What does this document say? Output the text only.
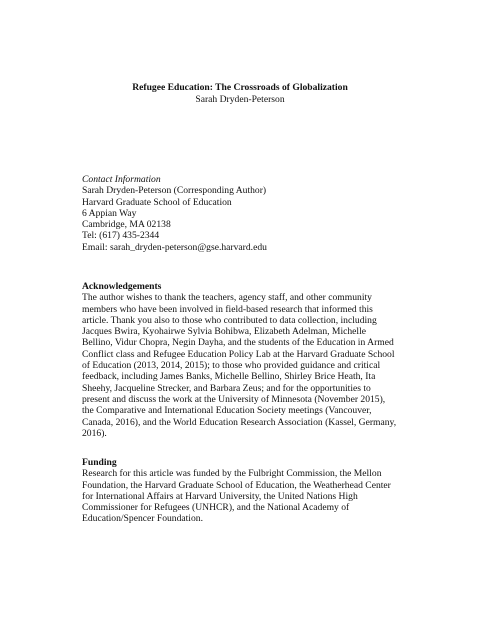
Refugee Education: The Crossroads of Globalization
Sarah Dryden-Peterson
Contact Information
Sarah Dryden-Peterson (Corresponding Author)
Harvard Graduate School of Education
6 Appian Way
Cambridge, MA 02138
Tel: (617) 435-2344
Email: sarah_dryden-peterson@gse.harvard.edu
Acknowledgements
The author wishes to thank the teachers, agency staff, and other community
members who have been involved in field-based research that informed this
article. Thank you also to those who contributed to data collection, including
Jacques Bwira, Kyohairwe Sylvia Bohibwa, Elizabeth Adelman, Michelle
Bellino, Vidur Chopra, Negin Dayha, and the students of the Education in Armed
Conflict class and Refugee Education Policy Lab at the Harvard Graduate School
of Education (2013, 2014, 2015); to those who provided guidance and critical
feedback, including James Banks, Michelle Bellino, Shirley Brice Heath, Ita
Sheehy, Jacqueline Strecker, and Barbara Zeus; and for the opportunities to
present and discuss the work at the University of Minnesota (November 2015),
the Comparative and International Education Society meetings (Vancouver,
Canada, 2016), and the World Education Research Association (Kassel, Germany,
2016).
Funding
Research for this article was funded by the Fulbright Commission, the Mellon
Foundation, the Harvard Graduate School of Education, the Weatherhead Center
for International Affairs at Harvard University, the United Nations High
Commissioner for Refugees (UNHCR), and the National Academy of
Education/Spencer Foundation.
